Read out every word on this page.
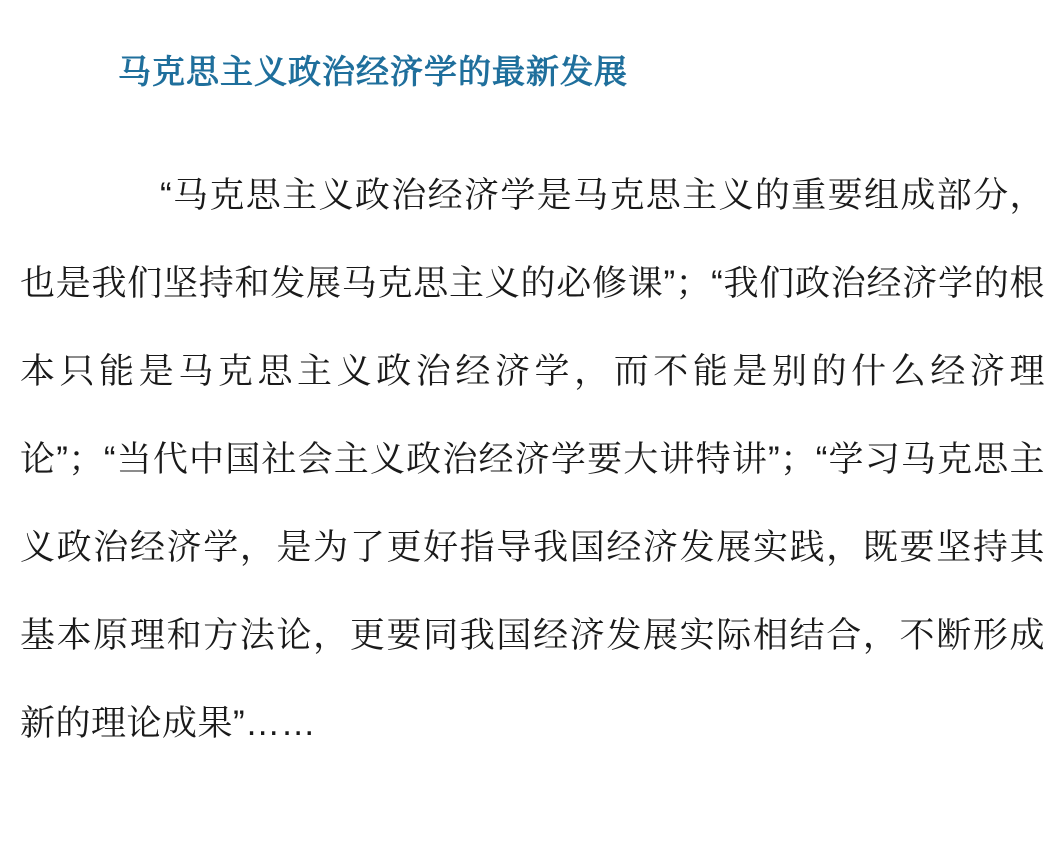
马克思主义政治经济学的最新发展
“马克思主义政治经济学是马克思主义的重要组成部分，也是我们坚持和发展马克思主义的必修课”；“我们政治经济学的根本只能是马克思主义政治经济学，而不能是别的什么经济理论”；“当代中国社会主义政治经济学要大讲特讲”；“学习马克思主义政治经济学，是为了更好指导我国经济发展实践，既要坚持其基本原理和方法论，更要同我国经济发展实际相结合，不断形成新的理论成果”……
